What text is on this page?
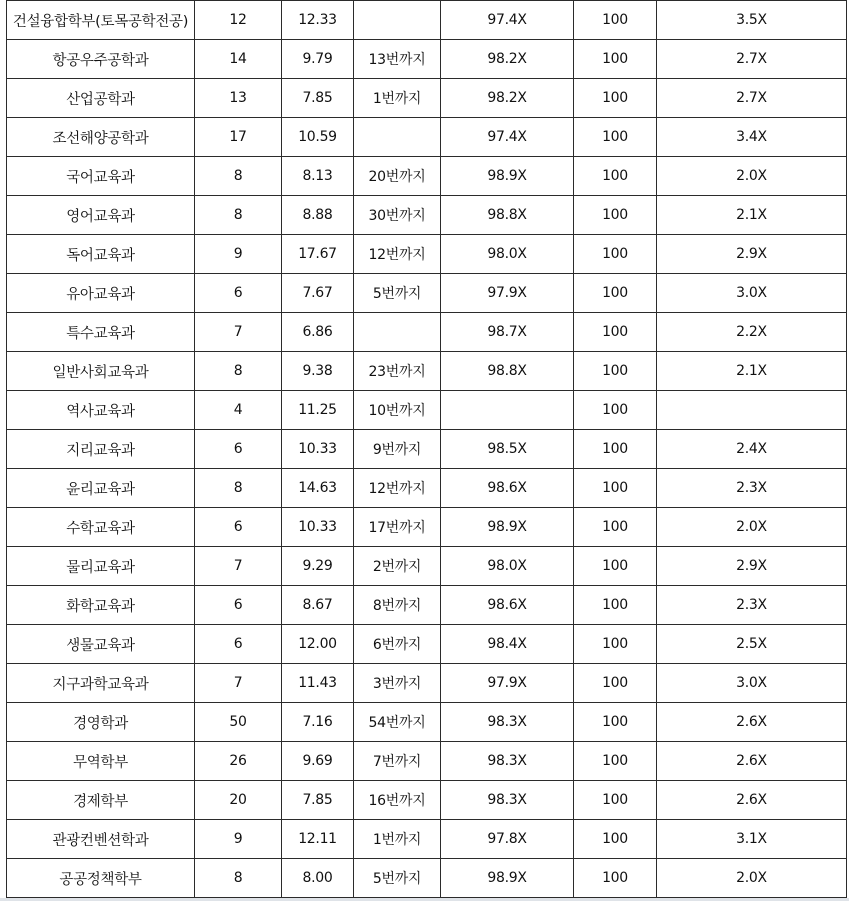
건설융합학부(토목공학전공)	12	12.33		97.4X	100	3.5X
항공우주공학과	14	9.79	13번까지	98.2X	100	2.7X
산업공학과	13	7.85	1번까지	98.2X	100	2.7X
조선해양공학과	17	10.59		97.4X	100	3.4X
국어교육과	8	8.13	20번까지	98.9X	100	2.0X
영어교육과	8	8.88	30번까지	98.8X	100	2.1X
독어교육과	9	17.67	12번까지	98.0X	100	2.9X
유아교육과	6	7.67	5번까지	97.9X	100	3.0X
특수교육과	7	6.86		98.7X	100	2.2X
일반사회교육과	8	9.38	23번까지	98.8X	100	2.1X
역사교육과	4	11.25	10번까지		100	
지리교육과	6	10.33	9번까지	98.5X	100	2.4X
윤리교육과	8	14.63	12번까지	98.6X	100	2.3X
수학교육과	6	10.33	17번까지	98.9X	100	2.0X
물리교육과	7	9.29	2번까지	98.0X	100	2.9X
화학교육과	6	8.67	8번까지	98.6X	100	2.3X
생물교육과	6	12.00	6번까지	98.4X	100	2.5X
지구과학교육과	7	11.43	3번까지	97.9X	100	3.0X
경영학과	50	7.16	54번까지	98.3X	100	2.6X
무역학부	26	9.69	7번까지	98.3X	100	2.6X
경제학부	20	7.85	16번까지	98.3X	100	2.6X
관광컨벤션학과	9	12.11	1번까지	97.8X	100	3.1X
공공정책학부	8	8.00	5번까지	98.9X	100	2.0X
